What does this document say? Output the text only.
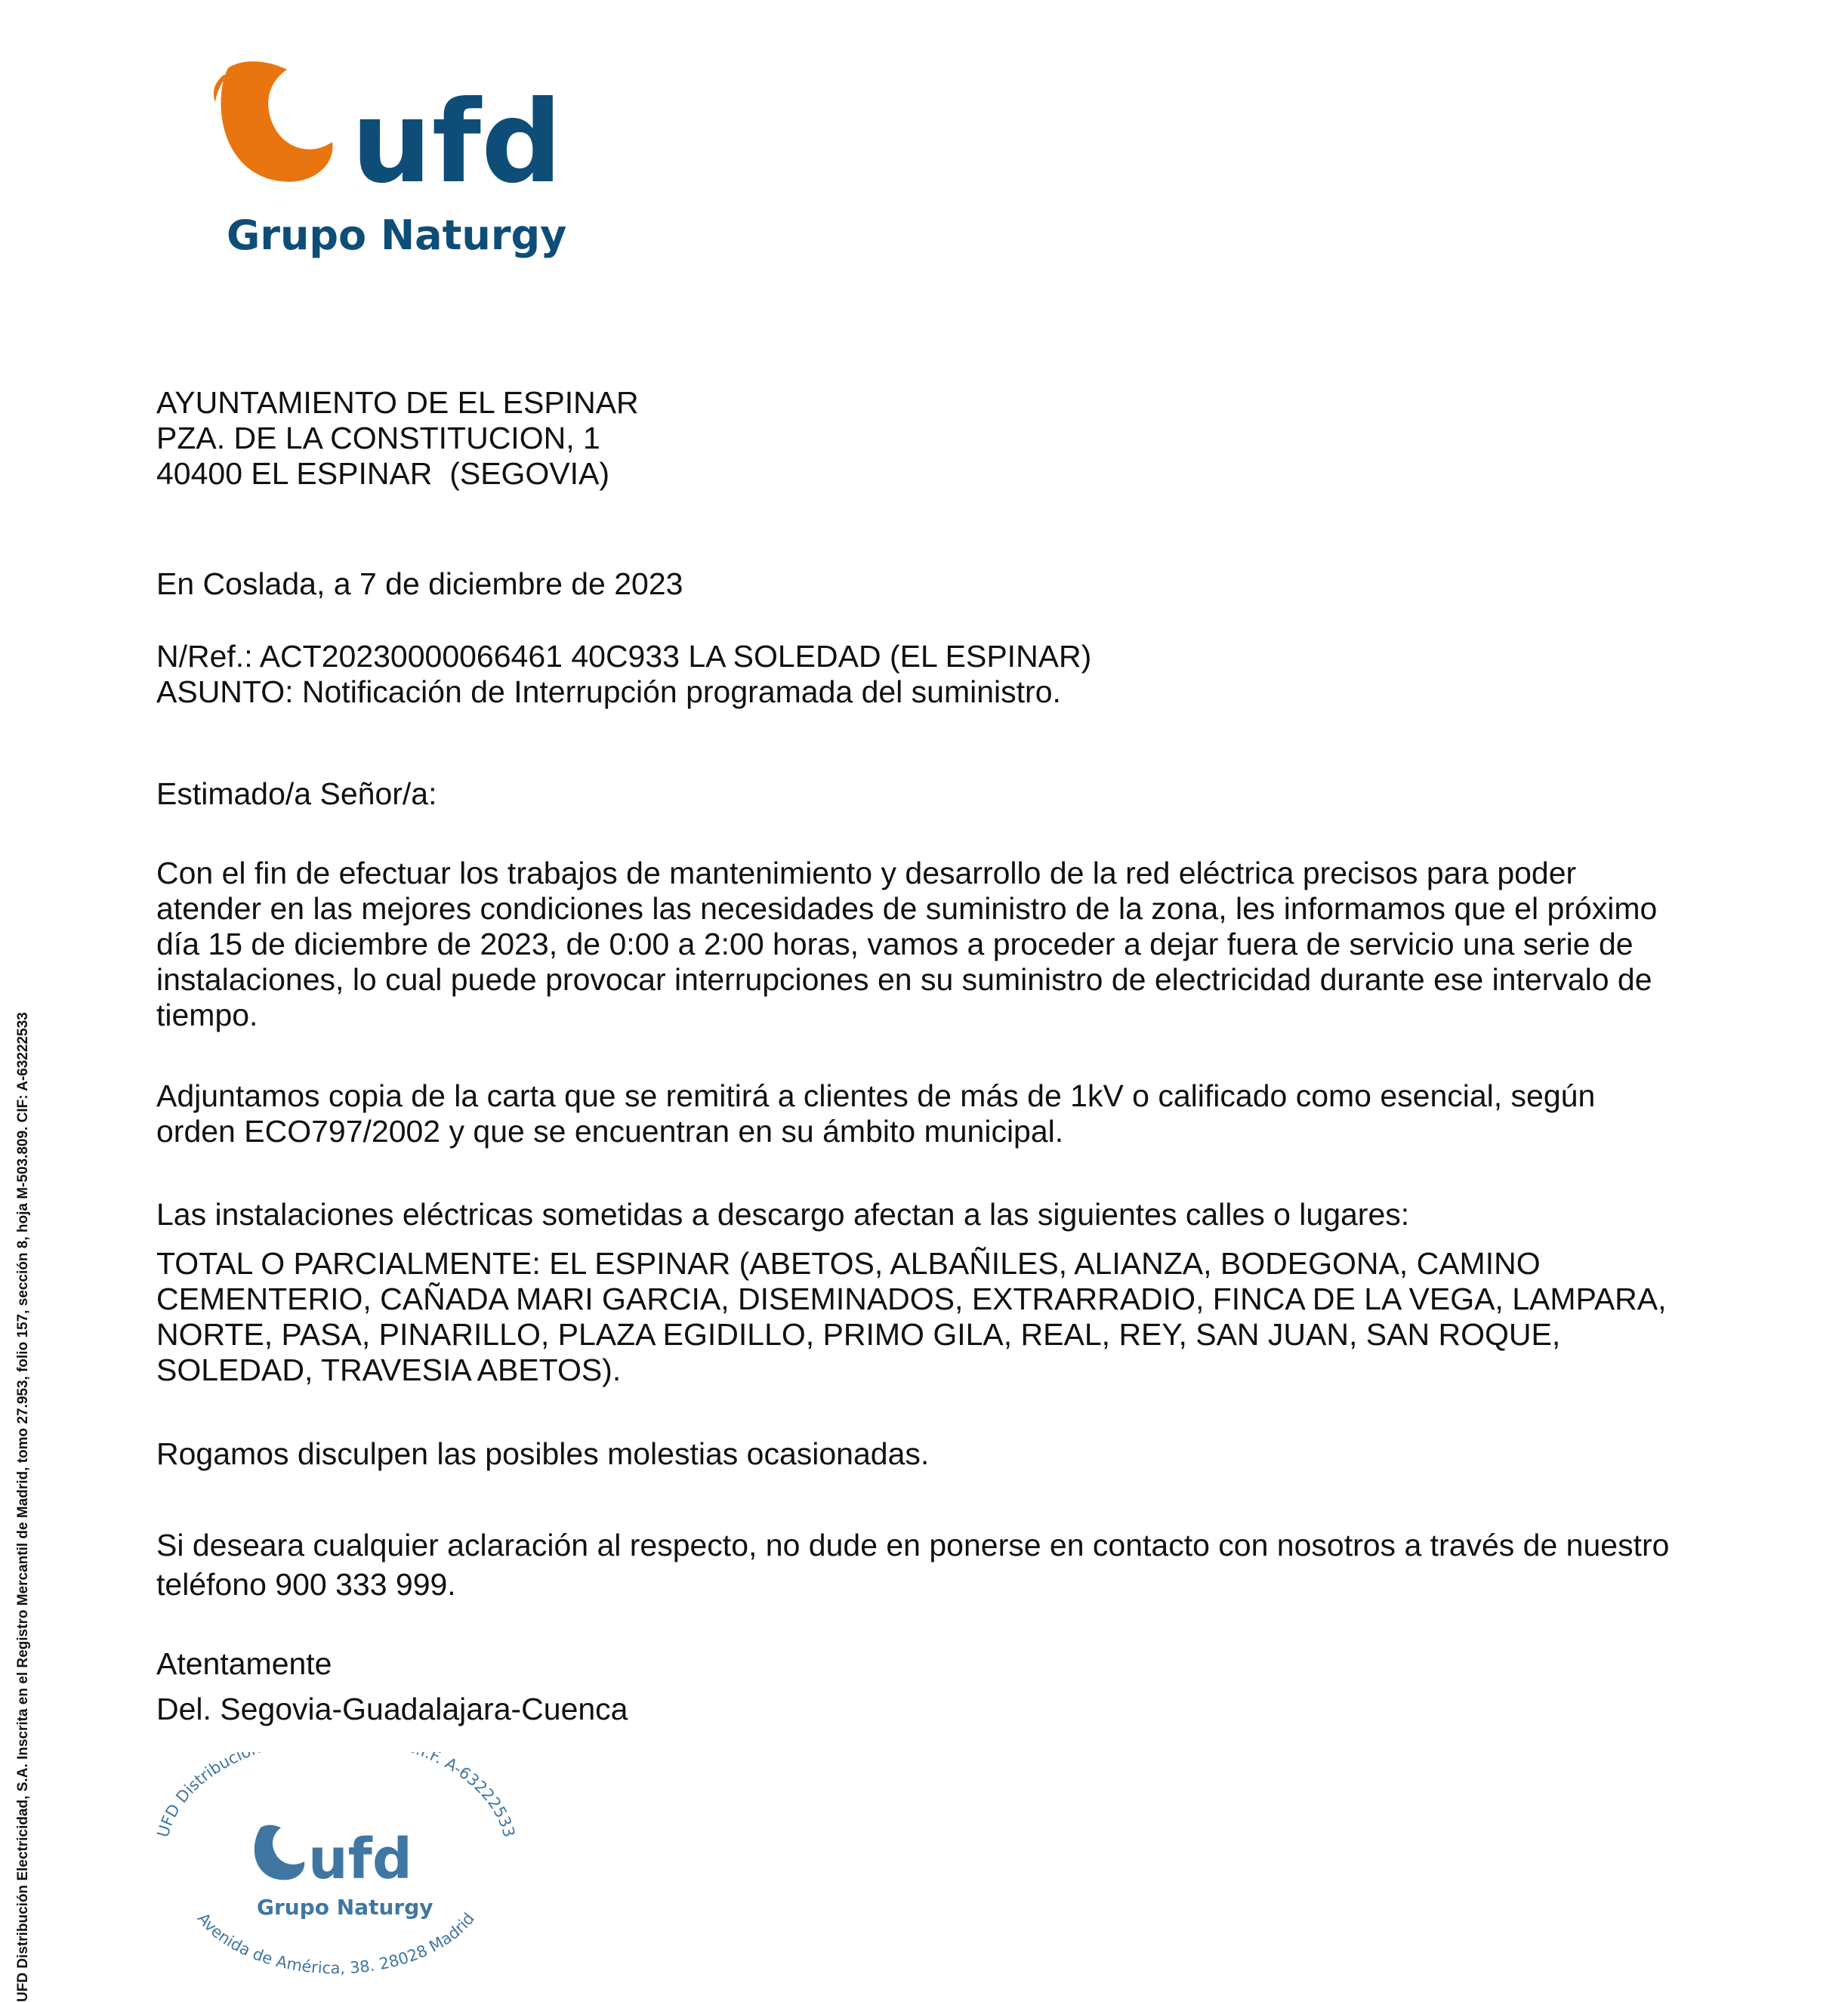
ufd
Grupo Naturgy

AYUNTAMIENTO DE EL ESPINAR

PZA. DE LA CONSTITUCION, 1

40400 EL ESPINAR  (SEGOVIA)

En Coslada, a 7 de diciembre de 2023

N/Ref.: ACT20230000066461 40C933 LA SOLEDAD (EL ESPINAR)

ASUNTO: Notificación de Interrupción programada del suministro.

Estimado/a Señor/a:
Con el fin de efectuar los trabajos de mantenimiento y desarrollo de la red eléctrica precisos para poder atender en las mejores condiciones las necesidades de suministro de la zona, les informamos que el próximo día 15 de diciembre de 2023, de 0:00 a 2:00 horas, vamos a proceder a dejar fuera de servicio una serie de instalaciones, lo cual puede provocar interrupciones en su suministro de electricidad durante ese intervalo de tiempo.
Adjuntamos copia de la carta que se remitirá a clientes de más de 1kV o calificado como esencial, según orden ECO797/2002 y que se encuentran en su ámbito municipal.
Las instalaciones eléctricas sometidas a descargo afectan a las siguientes calles o lugares:
TOTAL O PARCIALMENTE: EL ESPINAR (ABETOS, ALBAÑILES, ALIANZA, BODEGONA, CAMINO CEMENTERIO, CAÑADA MARI GARCIA, DISEMINADOS, EXTRARRADIO, FINCA DE LA VEGA, LAMPARA, NORTE, PASA, PINARILLO, PLAZA EGIDILLO, PRIMO GILA, REAL, REY, SAN JUAN, SAN ROQUE, SOLEDAD, TRAVESIA ABETOS).
Rogamos disculpen las posibles molestias ocasionadas.
Si deseara cualquier aclaración al respecto, no dude en ponerse en contacto con nosotros a través de nuestro teléfono 900 333 999.
Atentamente
Del. Segovia-Guadalajara-Cuenca
UFD Distribució .F. A-63222533
ufd
Grupo Naturgy
Avenida de América, 38. 28028 Madrid
UFD Distribución Electricidad, S.A. Inscrita en el Registro Mercantil de Madrid, tomo 27.953, folio 157, sección 8, hoja M-503.809. CIF: A-63222533
